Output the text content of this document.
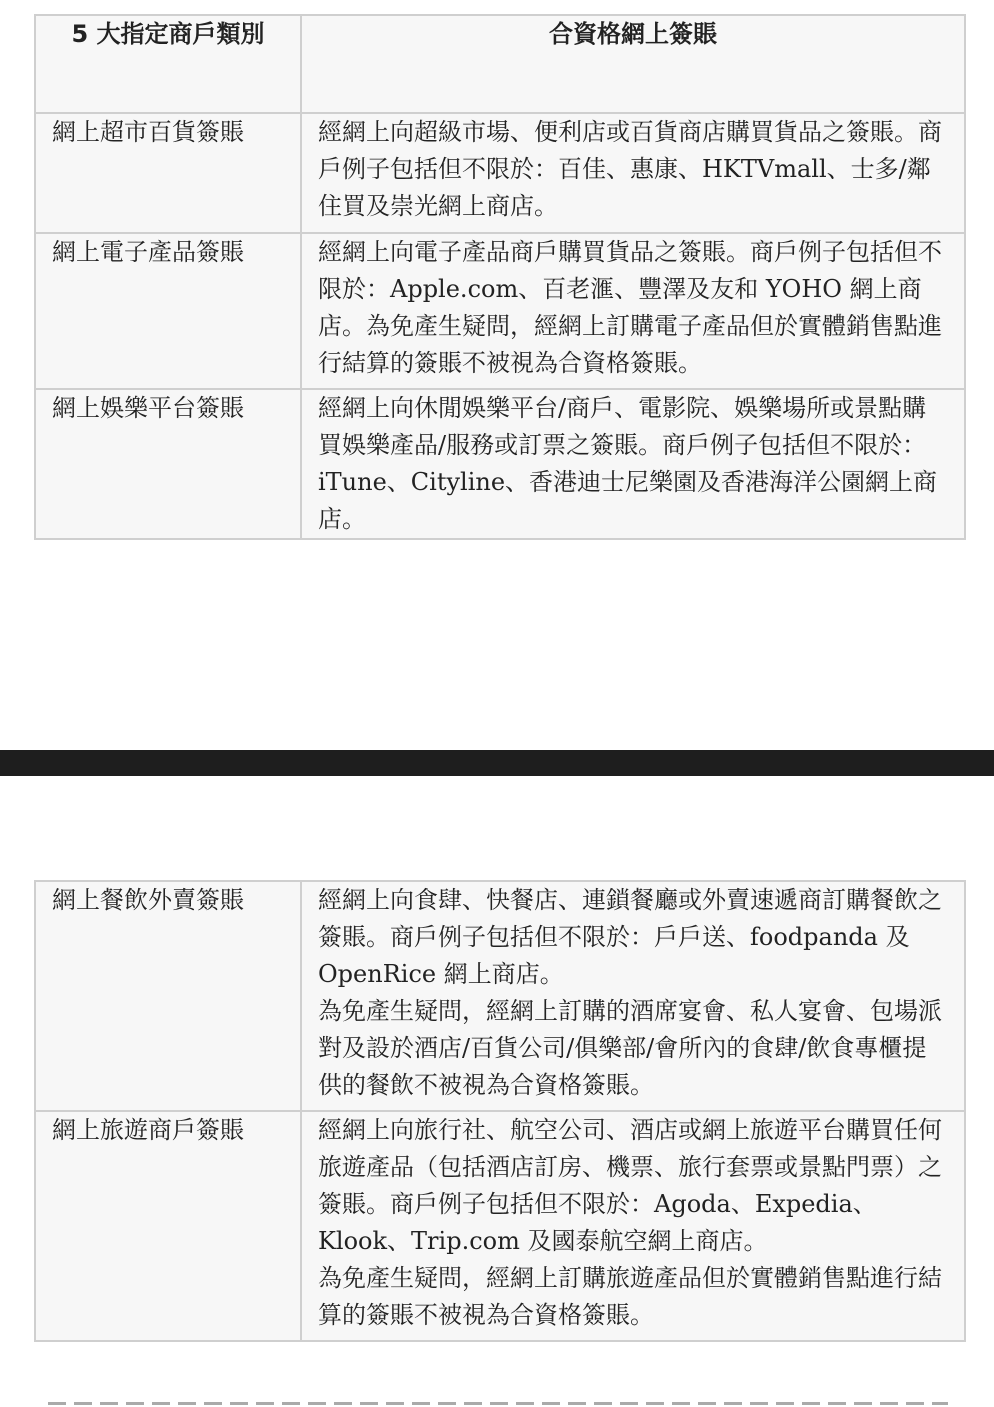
5 大指定商戶類別	合資格網上簽賬
網上超市百貨簽賬	經網上向超級市場、便利店或百貨商店購買貨品之簽賬。商戶例子包括但不限於：百佳、惠康、HKTVmall、士多/鄰住買及崇光網上商店。

網上電子產品簽賬	經網上向電子產品商戶購買貨品之簽賬。商戶例子包括但不限於：Apple.com、百老滙、豐澤及友和 YOHO 網上商店。為免產生疑問，經網上訂購電子產品但於實體銷售點進行結算的簽賬不被視為合資格簽賬。

網上娛樂平台簽賬	經網上向休閒娛樂平台/商戶、電影院、娛樂場所或景點購買娛樂產品/服務或訂票之簽賬。商戶例子包括但不限於：iTune、Cityline、香港迪士尼樂園及香港海洋公園網上商店。

網上餐飲外賣簽賬	經網上向食肆、快餐店、連鎖餐廳或外賣速遞商訂購餐飲之簽賬。商戶例子包括但不限於：戶戶送、foodpanda 及 OpenRice 網上商店。

為免產生疑問，經網上訂購的酒席宴會、私人宴會、包場派對及設於酒店/百貨公司/俱樂部/會所內的食肆/飲食專櫃提供的餐飲不被視為合資格簽賬。

網上旅遊商戶簽賬	經網上向旅行社、航空公司、酒店或網上旅遊平台購買任何旅遊產品（包括酒店訂房、機票、旅行套票或景點門票）之簽賬。商戶例子包括但不限於：Agoda、Expedia、Klook、Trip.com 及國泰航空網上商店。

為免產生疑問，經網上訂購旅遊產品但於實體銷售點進行結算的簽賬不被視為合資格簽賬。
